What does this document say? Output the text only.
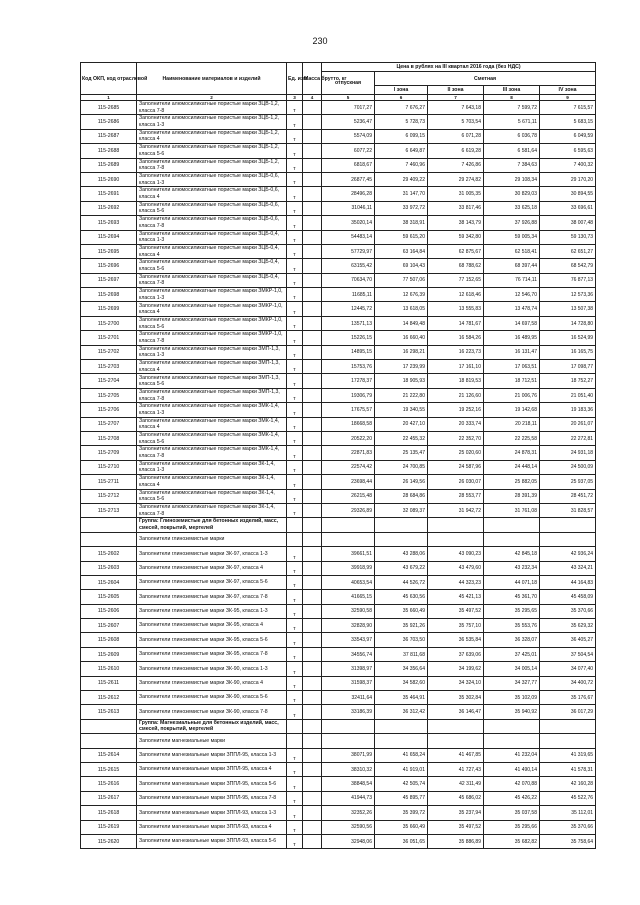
230
Код ОКП, код отраслевой	Наименование материалов и изделий	Ед. изм.	Масса брутто, кг	Цена в рублях на III квартал 2016 года (без НДС)				
				отпускная	Сметная			
					I зона	II зона	III зона	IV зона
1	2	3	4	5	6	7	8	9
115-2685	Заполнители алюмосиликатные пористые марки ЗЦВ-1,2, класса 7-8	т		7017,27	7 676,27	7 643,18	7 599,72	7 615,57
115-2686	Заполнители алюмосиликатные пористые марки ЗЦБ-1,2, класса 1-3	т		5236,47	5 728,73	5 703,54	5 671,11	5 683,15
115-2687	Заполнители алюмосиликатные пористые марки ЗЦБ-1,2, класса 4	т		5574,09	6 099,15	6 071,28	6 036,78	6 049,59
115-2688	Заполнители алюмосиликатные пористые марки ЗЦБ-1,2, класса 5-6	т		6077,22	6 649,87	6 619,28	6 581,64	6 595,63
115-2689	Заполнители алюмосиликатные пористые марки ЗЦБ-1,2, класса 7-8	т		6818,67	7 460,96	7 426,86	7 384,63	7 400,32
115-2690	Заполнители алюмосиликатные пористые марки ЗЦБ-0,6, класса 1-3	т		26877,45	29 409,22	29 274,82	29 108,34	29 170,20
115-2691	Заполнители алюмосиликатные пористые марки ЗЦБ-0,6, класса 4	т		28496,28	31 147,70	31 005,35	30 829,03	30 894,55
115-2692	Заполнители алюмосиликатные пористые марки ЗЦБ-0,6, класса 5-6	т		31046,11	33 972,72	33 817,46	33 625,18	33 696,61
115-2693	Заполнители алюмосиликатные пористые марки ЗЦБ-0,6, класса 7-8	т		35020,14	38 318,91	38 143,79	37 926,88	38 007,48
115-2694	Заполнители алюмосиликатные пористые марки ЗЦБ-0,4, класса 1-3	т		54483,14	59 615,20	59 342,80	59 005,34	59 130,73
115-2695	Заполнители алюмосиликатные пористые марки ЗЦБ-0,4, класса 4	т		57729,97	63 164,84	62 875,67	62 518,41	62 651,27
115-2696	Заполнители алюмосиликатные пористые марки ЗЦБ-0,4, класса 5-6	т		63155,42	69 104,43	68 788,62	68 397,44	68 542,79
115-2697	Заполнители алюмосиликатные пористые марки ЗЦБ-0,4, класса 7-8	т		70634,70	77 507,06	77 152,65	76 714,11	76 877,13
115-2698	Заполнители алюмосиликатные пористые марки ЗМКР-1,0, класса 1-3	т		11685,11	12 676,39	12 618,46	12 546,70	12 573,36
115-2699	Заполнители алюмосиликатные пористые марки ЗМКР-1,0, класса 4	т		12445,72	13 618,05	13 555,83	13 478,74	13 507,38
115-2700	Заполнители алюмосиликатные пористые марки ЗМКР-1,0, класса 5-6	т		13571,13	14 849,48	14 781,67	14 697,58	14 728,80
115-2701	Заполнители алюмосиликатные пористые марки ЗМКР-1,0, класса 7-8	т		15226,15	16 660,40	16 584,26	16 489,95	16 524,99
115-2702	Заполнители алюмосиликатные пористые марки ЗМП-1,3, класса 1-3	т		14895,15	16 298,21	16 223,73	16 131,47	16 165,75
115-2703	Заполнители алюмосиликатные пористые марки ЗМП-1,3, класса 4	т		15753,76	17 239,99	17 161,10	17 063,51	17 098,77
115-2704	Заполнители алюмосиликатные пористые марки ЗМП-1,3, класса 5-6	т		17278,37	18 905,93	18 819,53	18 712,51	18 752,27
115-2705	Заполнители алюмосиликатные пористые марки ЗМП-1,3, класса 7-8	т		19306,79	21 222,80	21 126,60	21 006,76	21 051,40
115-2706	Заполнители алюмосиликатные пористые марки ЗМК-1,4, класса 1-3	т		17675,57	19 340,55	19 252,16	19 142,68	19 183,36
115-2707	Заполнители алюмосиликатные пористые марки ЗМК-1,4, класса 4	т		18668,58	20 427,10	20 333,74	20 218,11	20 261,07
115-2708	Заполнители алюмосиликатные пористые марки ЗМК-1,4, класса 5-6	т		20522,20	22 455,32	22 352,70	22 225,58	22 272,81
115-2709	Заполнители алюмосиликатные пористые марки ЗМК-1,4, класса 7-8	т		22871,83	25 135,47	25 020,60	24 878,31	24 931,18
115-2710	Заполнители алюмосиликатные пористые марки ЗК-1,4, класса 1-3	т		22574,42	24 700,85	24 587,96	24 448,14	24 500,09
115-2711	Заполнители алюмосиликатные пористые марки ЗК-1,4, класса 4	т		23698,44	26 149,56	26 030,07	25 882,05	25 937,05
115-2712	Заполнители алюмосиликатные пористые марки ЗК-1,4, класса 5-6	т		26215,48	28 684,86	28 553,77	28 391,39	28 451,72
115-2713	Заполнители алюмосиликатные пористые марки ЗК-1,4, класса 7-8	т		29326,89	32 089,37	31 942,72	31 761,08	31 828,57
	Группа: Глиноземистые для бетонных изделий, масс, смесей, покрытий, мертелей							
	Заполнители глиноземистые марки							
115-2602	Заполнители глиноземистые марки ЗК-97, класса 1-3	т		39661,51	43 288,06	43 090,23	42 845,18	42 936,24
115-2603	Заполнители глиноземистые марки ЗК-97, класса 4	т		39918,99	43 679,22	43 479,60	43 232,34	43 324,21
115-2604	Заполнители глиноземистые марки ЗК-97, класса 5-6	т		40653,54	44 526,72	44 323,23	44 071,18	44 164,83
115-2605	Заполнители глиноземистые марки ЗК-97, класса 7-8	т		41665,15	45 630,56	45 421,13	45 361,70	45 458,09
115-2606	Заполнители глиноземистые марки ЗК-95, класса 1-3	т		32590,58	35 660,49	35 497,52	35 295,65	35 370,66
115-2607	Заполнители глиноземистые марки ЗК-95, класса 4	т		32828,90	35 921,26	35 757,10	35 553,76	35 629,32
115-2608	Заполнители глиноземистые марки ЗК-95, класса 5-6	т		33543,97	36 703,50	36 535,84	36 328,07	36 405,27
115-2609	Заполнители глиноземистые марки ЗК-95, класса 7-8	т		34556,74	37 811,68	37 639,06	37 425,01	37 504,54
115-2610	Заполнители глиноземистые марки ЗК-90, класса 1-3	т		31398,97	34 356,64	34 199,62	34 005,14	34 077,40
115-2611	Заполнители глиноземистые марки ЗК-90, класса 4	т		31598,37	34 582,60	34 324,10	34 327,77	34 400,72
115-2612	Заполнители глиноземистые марки ЗК-90, класса 5-6	т		32411,64	35 464,91	35 302,84	35 102,09	35 176,67
115-2613	Заполнители глиноземистые марки ЗК-90, класса 7-8	т		33186,39	36 312,42	36 146,47	35 940,92	36 017,29
	Группа: Магнезиальные для бетонных изделий, масс, смесей, покрытий, мертелей							
	Заполнители магнезиальные марки							
115-2614	Заполнители магнезиальные марки ЗППЛ-95, класса 1-3	т		38071,99	41 658,24	41 467,85	41 232,04	41 319,65
115-2615	Заполнители магнезиальные марки ЗППЛ-95, класса 4	т		38310,32	41 919,01	41 727,43	41 490,14	41 578,31
115-2616	Заполнители магнезиальные марки ЗППЛ-95, класса 5-6	т		38848,54	42 505,74	42 311,49	42 070,88	42 160,28
115-2617	Заполнители магнезиальные марки ЗППЛ-95, класса 7-8	т		41944,73	45 895,77	45 686,02	45 426,22	45 522,76
115-2618	Заполнители магнезиальные марки ЗППЛ-93, класса 1-3	т		32352,26	35 399,72	35 237,94	35 037,58	35 112,01
115-2619	Заполнители магнезиальные марки ЗППЛ-93, класса 4	т		32590,56	35 660,49	35 497,52	35 295,66	35 370,66
115-2620	Заполнители магнезиальные марки ЗППЛ-93, класса 5-6	т		32948,06	36 051,65	35 886,89	35 682,82	35 758,64
